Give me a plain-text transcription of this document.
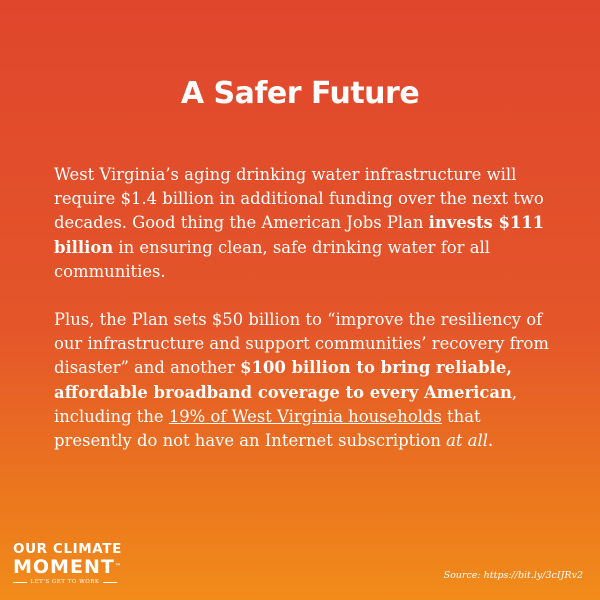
A Safer Future

West Virginia’s aging drinking water infrastructure will require $1.4 billion in additional funding over the next two decades. Good thing the American Jobs Plan invests $111 billion in ensuring clean, safe drinking water for all communities.

Plus, the Plan sets $50 billion to “improve the resiliency of our infrastructure and support communities’ recovery from disaster” and another $100 billion to bring reliable, affordable broadband coverage to every American, including the 19% of West Virginia households that presently do not have an Internet subscription at all.

OUR CLIMATE
MOMENT™
LET'S GET TO WORK
Source: https://bit.ly/3cIJRv2
